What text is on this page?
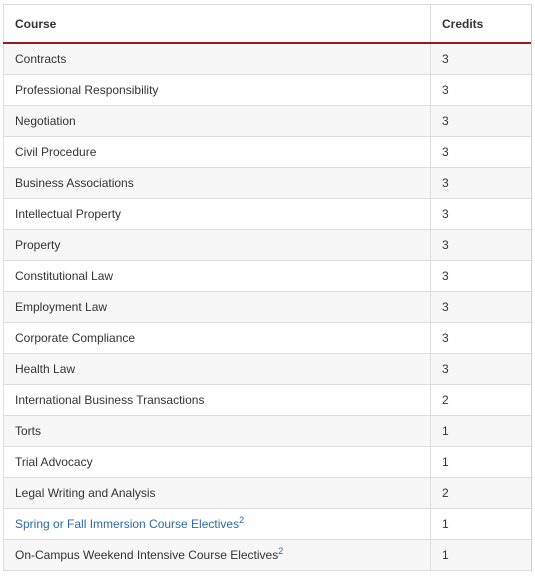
Course	Credits
Contracts	3
Professional Responsibility	3
Negotiation	3
Civil Procedure	3
Business Associations	3
Intellectual Property	3
Property	3
Constitutional Law	3
Employment Law	3
Corporate Compliance	3
Health Law	3
International Business Transactions	2
Torts	1
Trial Advocacy	1
Legal Writing and Analysis	2
Spring or Fall Immersion Course Electives$^2$	1
On-Campus Weekend Intensive Course Electives$^2$	1
